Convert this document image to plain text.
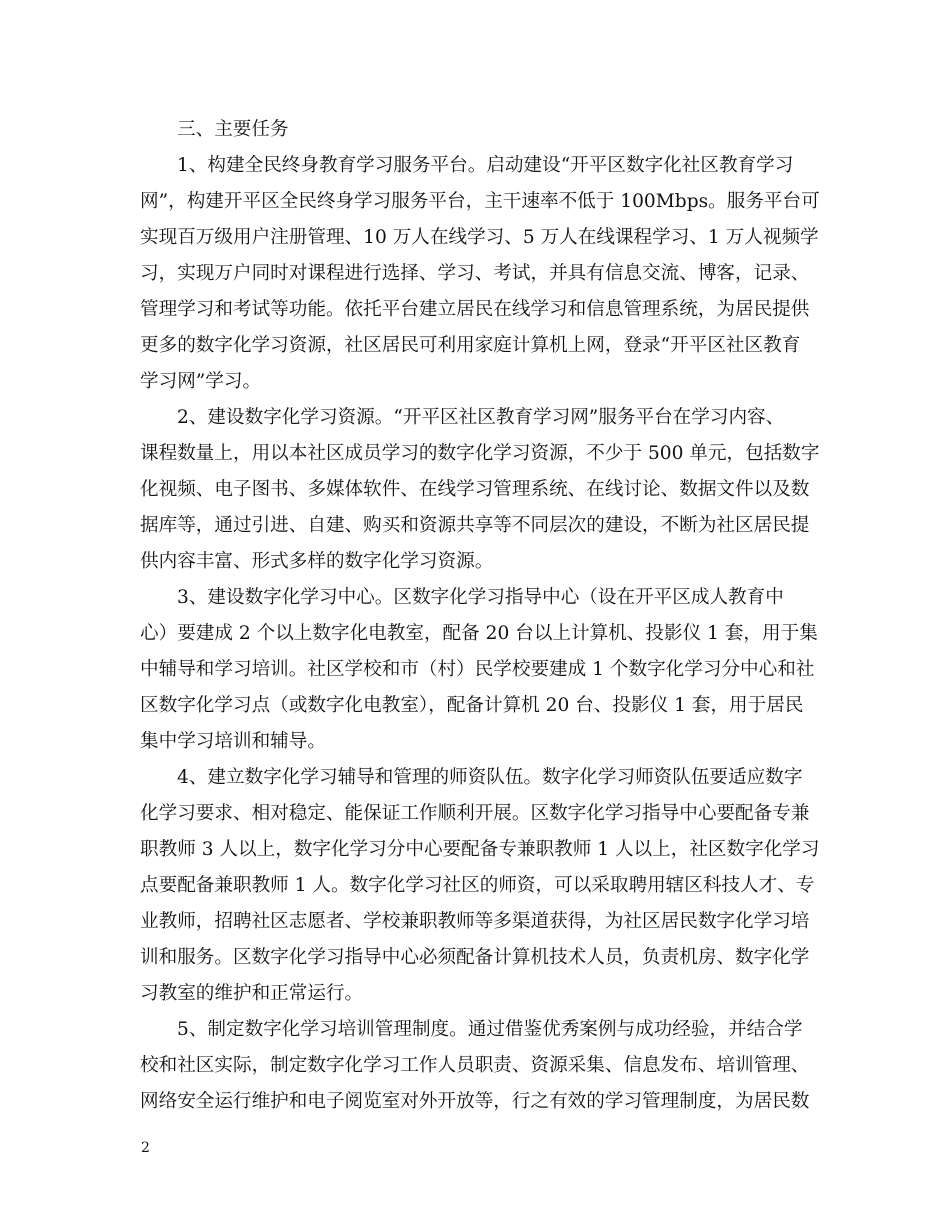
三、主要任务
1、构建全民终身教育学习服务平台。启动建设“开平区数字化社区教育学习
网”，构建开平区全民终身学习服务平台，主干速率不低于 100Mbps。服务平台可
实现百万级用户注册管理、10 万人在线学习、5 万人在线课程学习、1 万人视频学
习，实现万户同时对课程进行选择、学习、考试，并具有信息交流、博客，记录、
管理学习和考试等功能。依托平台建立居民在线学习和信息管理系统，为居民提供
更多的数字化学习资源，社区居民可利用家庭计算机上网，登录“开平区社区教育
学习网”学习。
2、建设数字化学习资源。“开平区社区教育学习网”服务平台在学习内容、
课程数量上，用以本社区成员学习的数字化学习资源，不少于 500 单元，包括数字
化视频、电子图书、多媒体软件、在线学习管理系统、在线讨论、数据文件以及数
据库等，通过引进、自建、购买和资源共享等不同层次的建设，不断为社区居民提
供内容丰富、形式多样的数字化学习资源。
3、建设数字化学习中心。区数字化学习指导中心（设在开平区成人教育中
心）要建成 2 个以上数字化电教室，配备 20 台以上计算机、投影仪 1 套，用于集
中辅导和学习培训。社区学校和市（村）民学校要建成 1 个数字化学习分中心和社
区数字化学习点（或数字化电教室），配备计算机 20 台、投影仪 1 套，用于居民
集中学习培训和辅导。
4、建立数字化学习辅导和管理的师资队伍。数字化学习师资队伍要适应数字
化学习要求、相对稳定、能保证工作顺利开展。区数字化学习指导中心要配备专兼
职教师 3 人以上，数字化学习分中心要配备专兼职教师 1 人以上，社区数字化学习
点要配备兼职教师 1 人。数字化学习社区的师资，可以采取聘用辖区科技人才、专
业教师，招聘社区志愿者、学校兼职教师等多渠道获得，为社区居民数字化学习培
训和服务。区数字化学习指导中心必须配备计算机技术人员，负责机房、数字化学
习教室的维护和正常运行。
5、制定数字化学习培训管理制度。通过借鉴优秀案例与成功经验，并结合学
校和社区实际，制定数字化学习工作人员职责、资源采集、信息发布、培训管理、
网络安全运行维护和电子阅览室对外开放等，行之有效的学习管理制度，为居民数
2
